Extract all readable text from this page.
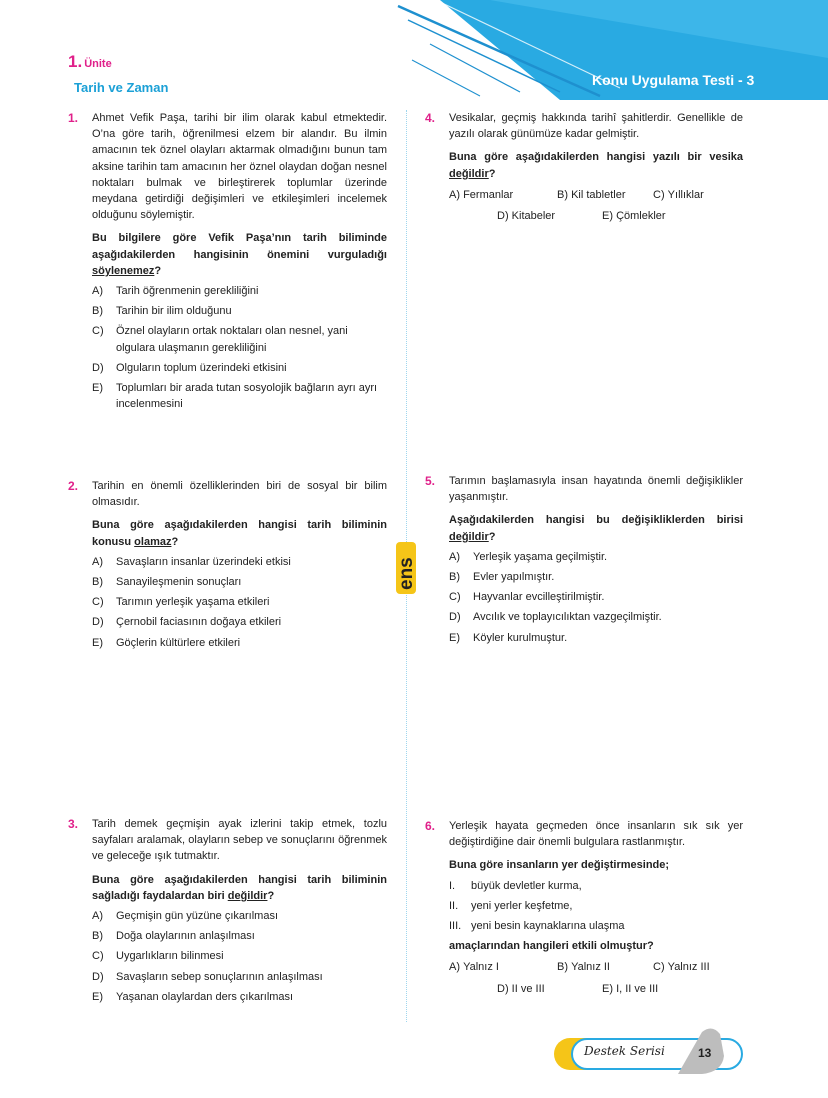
Konu Uygulama Testi - 3
1. Ünite
Tarih ve Zaman
1. Ahmet Vefik Paşa, tarihi bir ilim olarak kabul etmektedir. O’na göre tarih, öğrenilmesi elzem bir alandır. Bu ilmin amacının tek öznel olayları aktarmak olmadığını bunun tam aksine tarihin tam amacının her öznel olaydan doğan nesnel noktaları bulmak ve birleştirerek toplumlar üzerinde meydana getirdiği değişimleri ve etkileşimleri incelemek olduğunu söylemiştir.

Bu bilgilere göre Vefik Paşa’nın tarih biliminde aşağıdakilerden hangisinin önemini vurguladığı söylenemez?

A)	Tarih öğrenmenin gerekliliğini
B)	Tarihin bir ilim olduğunu
C)	Öznel olayların ortak noktaları olan nesnel, yani olgulara ulaşmanın gerekliliğini
D)	Olguların toplum üzerindeki etkisini
E)	Toplumları bir arada tutan sosyolojik bağların ayrı ayrı incelenmesini
2. Tarihin en önemli özelliklerinden biri de sosyal bir bilim olmasıdır.

Buna göre aşağıdakilerden hangisi tarih biliminin konusu olamaz?

A)	Savaşların insanlar üzerindeki etkisi
B)	Sanayileşmenin sonuçları
C)	Tarımın yerleşik yaşama etkileri
D)	Çernobil faciasının doğaya etkileri
E)	Göçlerin kültürlere etkileri
3. Tarih demek geçmişin ayak izlerini takip etmek, tozlu sayfaları aralamak, olayların sebep ve sonuçlarını öğrenmek ve geleceğe ışık tutmaktır.

Buna göre aşağıdakilerden hangisi tarih biliminin sağladığı faydalardan biri değildir?

A)	Geçmişin gün yüzüne çıkarılması
B)	Doğa olaylarının anlaşılması
C)	Uygarlıkların bilinmesi
D)	Savaşların sebep sonuçlarının anlaşılması
E)	Yaşanan olaylardan ders çıkarılması
4. Vesikalar, geçmiş hakkında tarihî şahitlerdir. Genellikle de yazılı olarak günümüze kadar gelmiştir.

Buna göre aşağıdakilerden hangisi yazılı bir vesika değildir?

A) Fermanlar	B) Kil tabletler	C) Yıllıklar
D) Kitabeler	E) Çömlekler
5. Tarımın başlamasıyla insan hayatında önemli değişiklikler yaşanmıştır.

Aşağıdakilerden hangisi bu değişikliklerden birisi değildir?

A)	Yerleşik yaşama geçilmiştir.
B)	Evler yapılmıştır.
C)	Hayvanlar evcilleştirilmiştir.
D)	Avcılık ve toplayıcılıktan vazgeçilmiştir.
E)	Köyler kurulmuştur.
6. Yerleşik hayata geçmeden önce insanların sık sık yer değiştirdiğine dair önemli bulgulara rastlanmıştır.

Buna göre insanların yer değiştirmesinde;

I.	büyük devletler kurma,
II.	yeni yerler keşfetme,
III. yeni besin kaynaklarına ulaşma

amaçlarından hangileri etkili olmuştur?

A) Yalnız I	B) Yalnız II	C) Yalnız III
D) II ve III	E) I, II ve III
ens
Destek Serisi	13
